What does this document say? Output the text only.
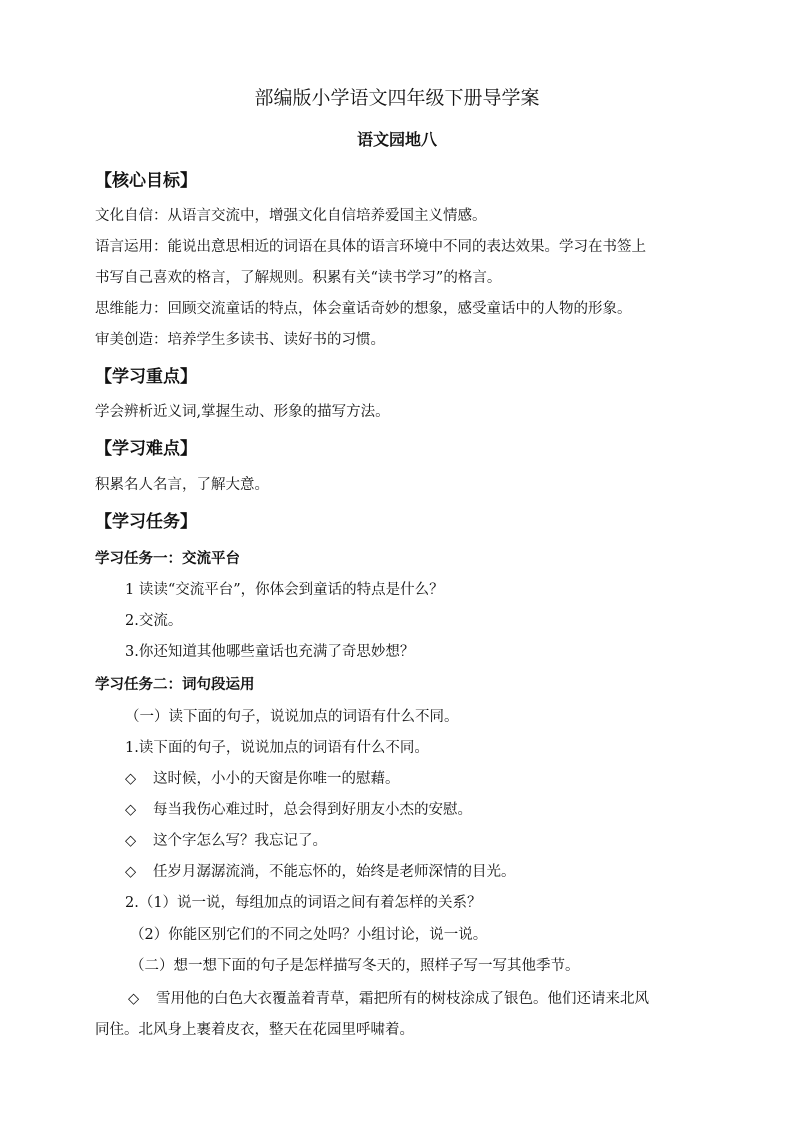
部编版小学语文四年级下册导学案
语文园地八
【核心目标】
文化自信：从语言交流中，增强文化自信培养爱国主义情感。
语言运用：能说出意思相近的词语在具体的语言环境中不同的表达效果。学习在书签上
书写自己喜欢的格言，了解规则。积累有关“读书学习”的格言。
思维能力：回顾交流童话的特点，体会童话奇妙的想象，感受童话中的人物的形象。
审美创造：培养学生多读书、读好书的习惯。
【学习重点】
学会辨析近义词,掌握生动、形象的描写方法。
【学习难点】
积累名人名言，了解大意。
【学习任务】
学习任务一：交流平台
1 读读“交流平台”，你体会到童话的特点是什么？
2.交流。
3.你还知道其他哪些童话也充满了奇思妙想？
学习任务二：词句段运用
（一）读下面的句子，说说加点的词语有什么不同。
1.读下面的句子，说说加点的词语有什么不同。
◇ 这时候，小小的天窗是你唯一的慰藉。
◇ 每当我伤心难过时，总会得到好朋友小杰的安慰。
◇ 这个字怎么写？我忘记了。
◇ 任岁月潺潺流淌，不能忘怀的，始终是老师深情的目光。
2.（1）说一说，每组加点的词语之间有着怎样的关系？
（2）你能区别它们的不同之处吗？小组讨论，说一说。
（二）想一想下面的句子是怎样描写冬天的，照样子写一写其他季节。
◇ 雪用他的白色大衣覆盖着青草，霜把所有的树枝涂成了银色。他们还请来北风
同住。北风身上裹着皮衣，整天在花园里呼啸着。
